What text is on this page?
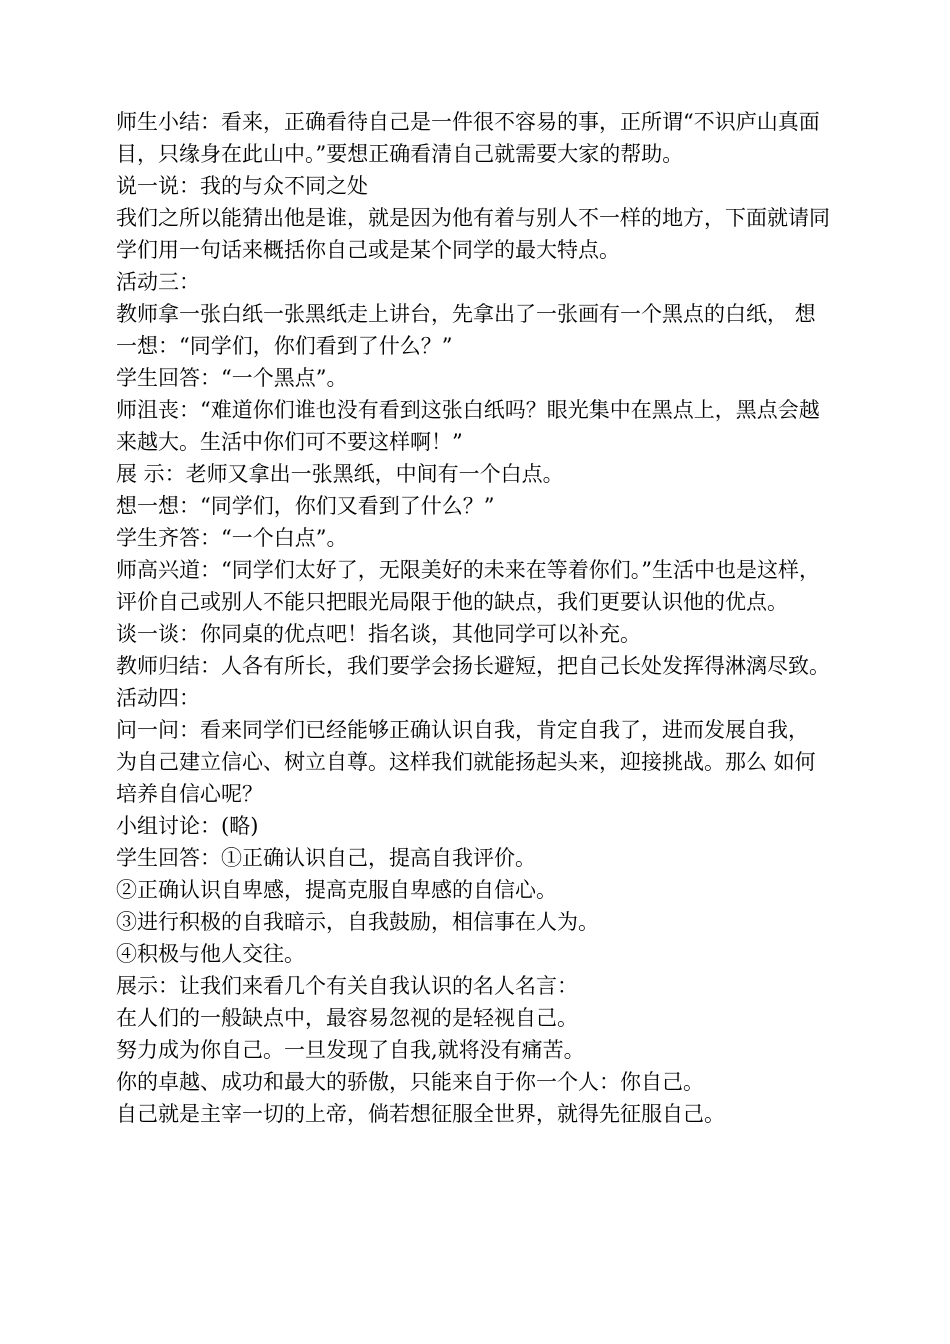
师生小结：看来，正确看待自己是一件很不容易的事，正所谓“不识庐山真面目，只缘身在此山中。”要想正确看清自己就需要大家的帮助。

说一说：我的与众不同之处

我们之所以能猜出他是谁，就是因为他有着与别人不一样的地方，下面就请同学们用一句话来概括你自己或是某个同学的最大特点。

活动三：

教师拿一张白纸一张黑纸走上讲台，先拿出了一张画有一个黑点的白纸， 想一想：“同学们，你们看到了什么？”

学生回答：“一个黑点”。

师沮丧：“难道你们谁也没有看到这张白纸吗？眼光集中在黑点上，黑点会越来越大。生活中你们可不要这样啊！”

展 示：老师又拿出一张黑纸，中间有一个白点。

想一想：“同学们，你们又看到了什么？”

学生齐答：“一个白点”。

师高兴道：“同学们太好了，无限美好的未来在等着你们。”生活中也是这样，评价自己或别人不能只把眼光局限于他的缺点，我们更要认识他的优点。

谈一谈：你同桌的优点吧！指名谈，其他同学可以补充。

教师归结：人各有所长，我们要学会扬长避短，把自己长处发挥得淋漓尽致。 活动四：

问一问：看来同学们已经能够正确认识自我，肯定自我了，进而发展自我，

为自己建立信心、树立自尊。这样我们就能扬起头来，迎接挑战。那么 如何培养自信心呢？

小组讨论：(略)

学生回答：①正确认识自己，提高自我评价。

②正确认识自卑感，提高克服自卑感的自信心。

③进行积极的自我暗示，自我鼓励，相信事在人为。

④积极与他人交往。

展示：让我们来看几个有关自我认识的名人名言：

在人们的一般缺点中，最容易忽视的是轻视自己。

努力成为你自己。一旦发现了自我,就将没有痛苦。

你的卓越、成功和最大的骄傲，只能来自于你一个人：你自己。

自己就是主宰一切的上帝，倘若想征服全世界，就得先征服自己。
